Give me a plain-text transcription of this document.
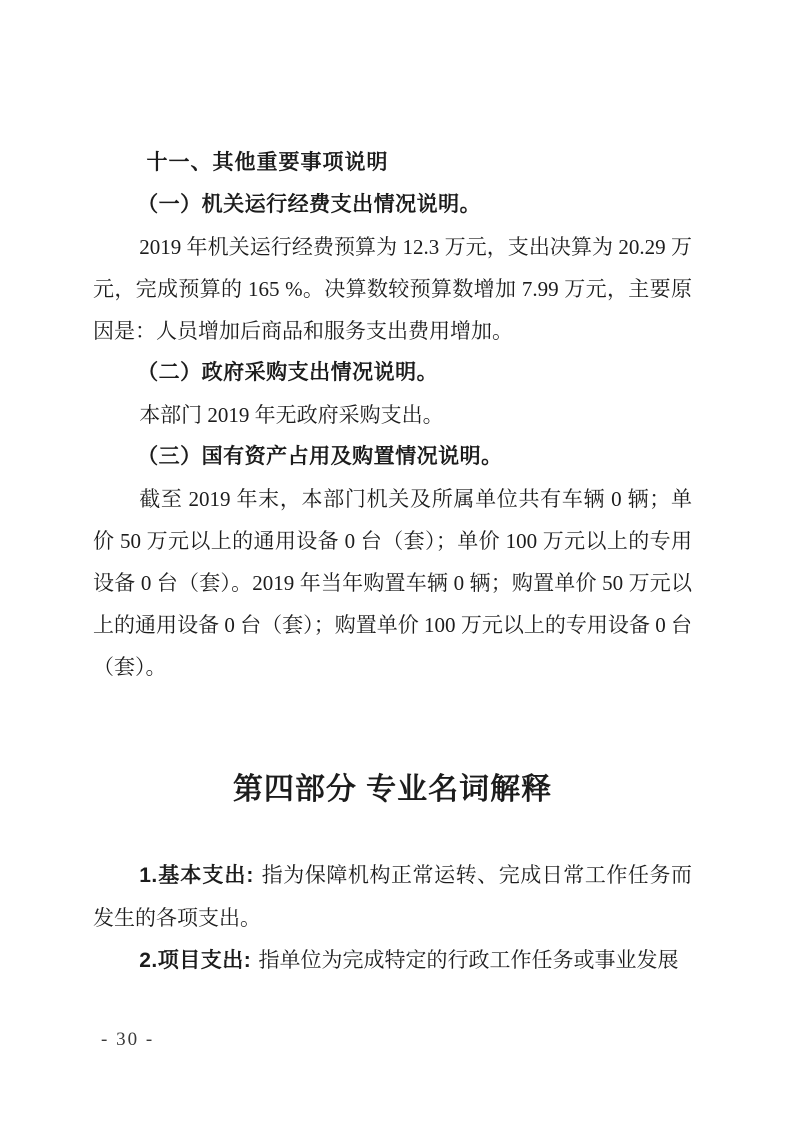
十一、其他重要事项说明
（一）机关运行经费支出情况说明。

2019 年机关运行经费预算为 12.3 万元，支出决算为 20.29 万元，完成预算的 165 %。决算数较预算数增加 7.99 万元，主要原因是：人员增加后商品和服务支出费用增加。

（二）政府采购支出情况说明。

本部门 2019 年无政府采购支出。

（三）国有资产占用及购置情况说明。

截至 2019 年末，本部门机关及所属单位共有车辆 0 辆；单价 50 万元以上的通用设备 0 台（套）；单价 100 万元以上的专用设备 0 台（套）。2019 年当年购置车辆 0 辆；购置单价 50 万元以上的通用设备 0 台（套）；购置单价 100 万元以上的专用设备 0 台（套）。

第四部分 专业名词解释

1.基本支出: 指为保障机构正常运转、完成日常工作任务而发生的各项支出。

2.项目支出: 指单位为完成特定的行政工作任务或事业发展

- 30 -
